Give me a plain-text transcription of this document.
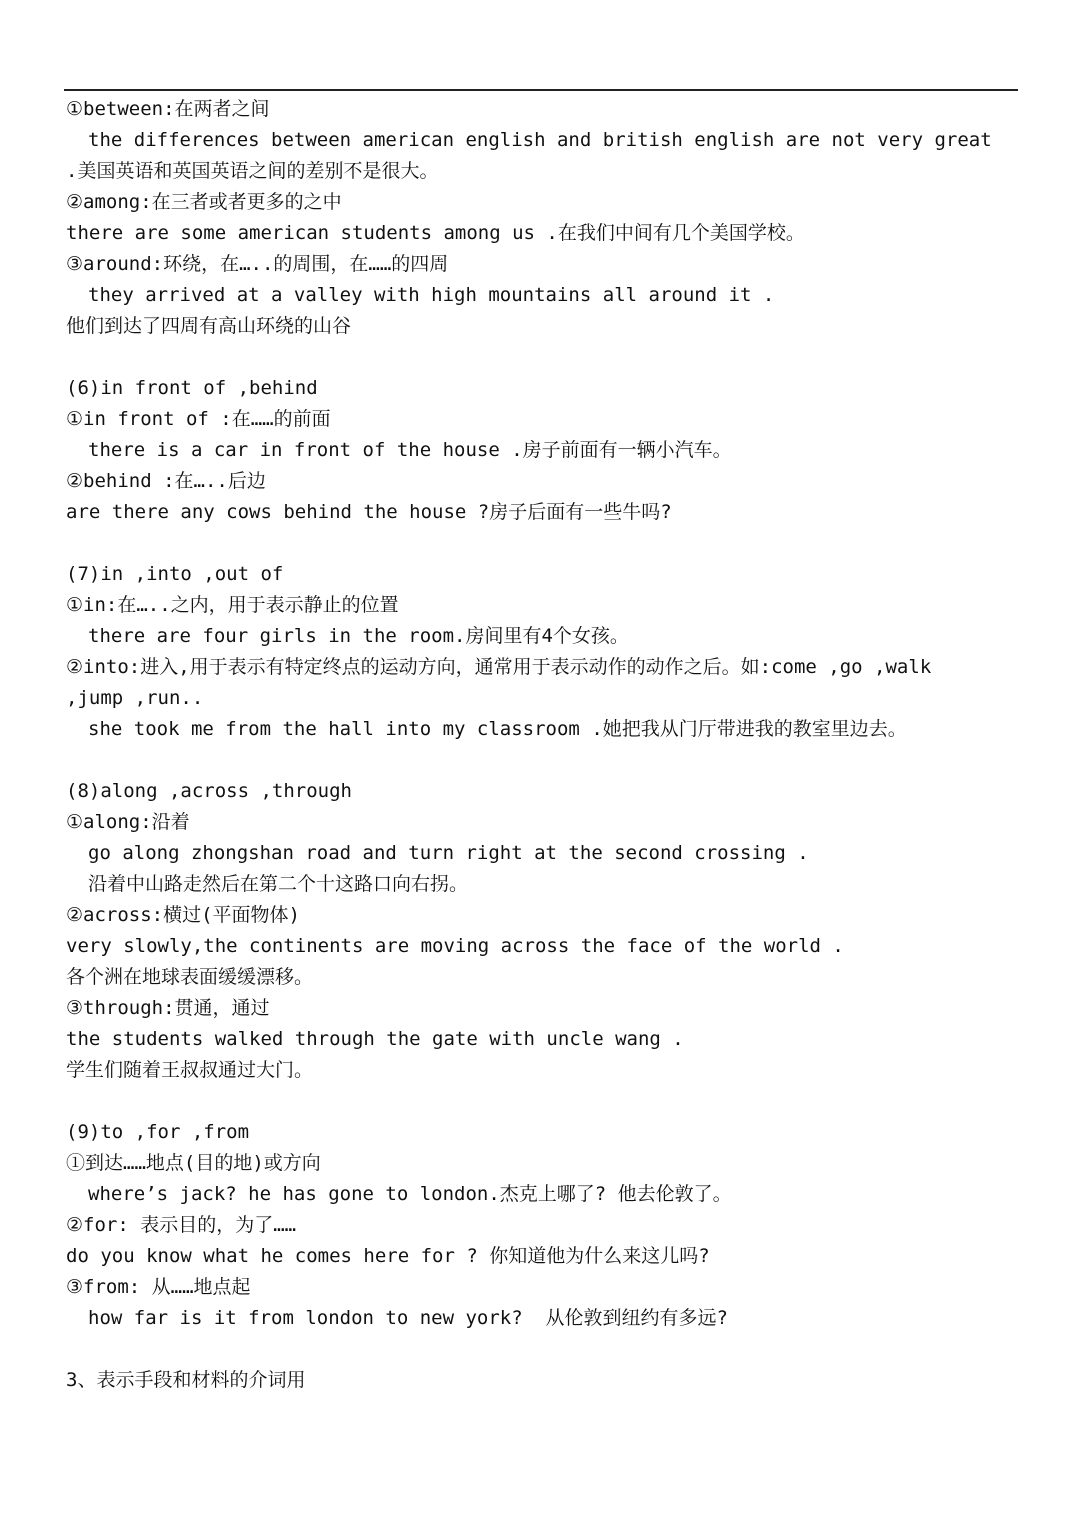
①between:在两者之间
the differences between american english and british english are not very great
.美国英语和英国英语之间的差别不是很大。
②among:在三者或者更多的之中
there are some american students among us .在我们中间有几个美国学校。
③around:环绕，在…..的周围，在……的四周
they arrived at a valley with high mountains all around it .
他们到达了四周有高山环绕的山谷
(6)in front of ,behind
①in front of :在……的前面
there is a car in front of the house .房子前面有一辆小汽车。
②behind :在…..后边
are there any cows behind the house ?房子后面有一些牛吗?
(7)in ,into ,out of
①in:在…..之内，用于表示静止的位置
there are four girls in the room.房间里有4个女孩。
②into:进入,用于表示有特定终点的运动方向，通常用于表示动作的动作之后。如:come ,go ,walk
,jump ,run..
she took me from the hall into my classroom .她把我从门厅带进我的教室里边去。
(8)along ,across ,through
①along:沿着
go along zhongshan road and turn right at the second crossing .
沿着中山路走然后在第二个十这路口向右拐。
②across:横过(平面物体)
very slowly,the continents are moving across the face of the world .
各个洲在地球表面缓缓漂移。
③through:贯通，通过
the students walked through the gate with uncle wang .
学生们随着王叔叔通过大门。
(9)to ,for ,from
①到达……地点(目的地)或方向
where’s jack? he has gone to london.杰克上哪了? 他去伦敦了。
②for: 表示目的，为了……
do you know what he comes here for ? 你知道他为什么来这儿吗?
③from: 从……地点起
how far is it from london to new york?  从伦敦到纽约有多远?
3、表示手段和材料的介词用
